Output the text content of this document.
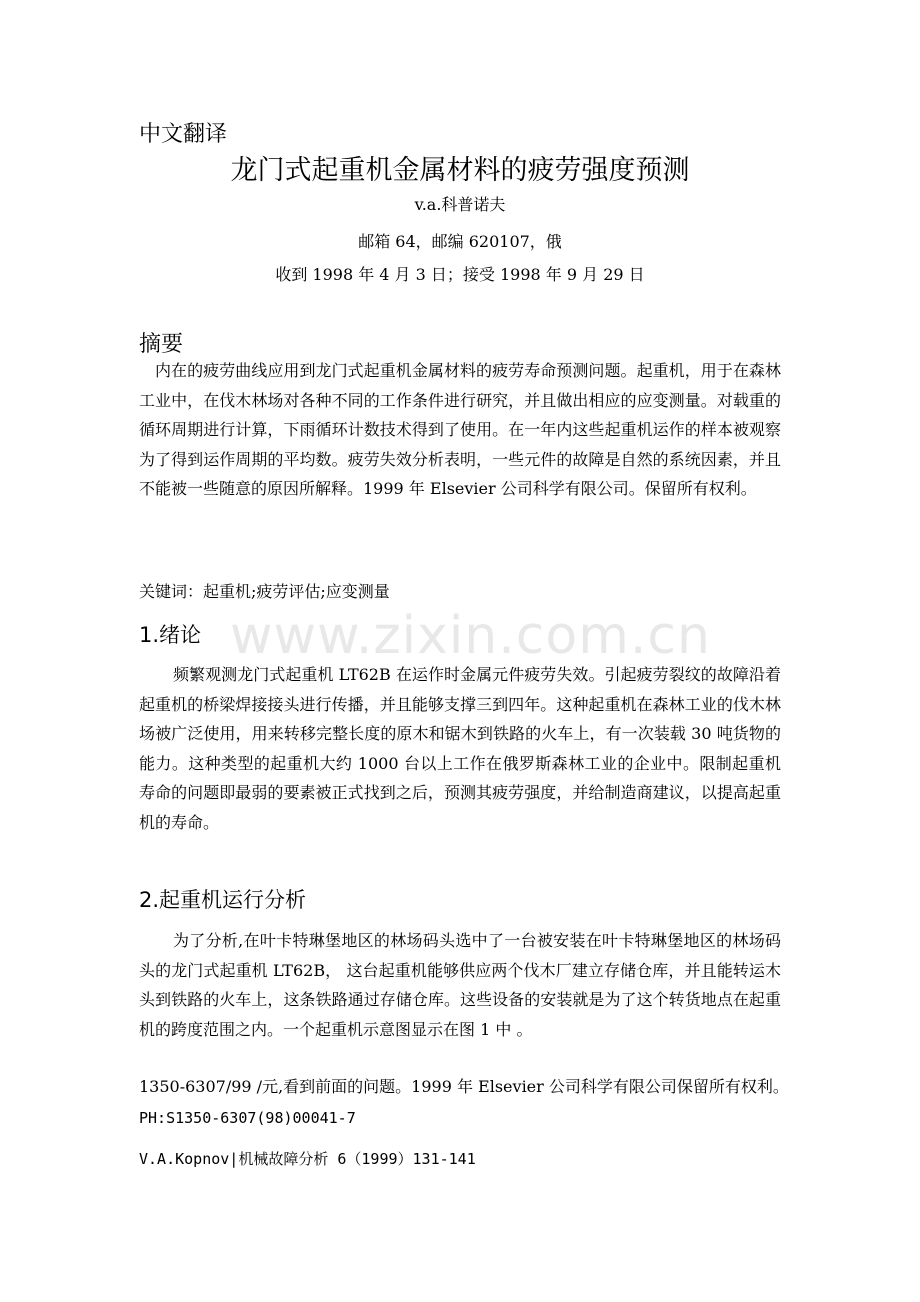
www.zixin.com.cn
中文翻译
龙门式起重机金属材料的疲劳强度预测
v.a.科普诺夫
邮箱 64，邮编 620107，俄
收到 1998 年 4 月 3 日；接受 1998 年 9 月 29 日
摘要
内在的疲劳曲线应用到龙门式起重机金属材料的疲劳寿命预测问题。起重机，用于在森林工业中，在伐木林场对各种不同的工作条件进行研究，并且做出相应的应变测量。对载重的循环周期进行计算，下雨循环计数技术得到了使用。在一年内这些起重机运作的样本被观察为了得到运作周期的平均数。疲劳失效分析表明，一些元件的故障是自然的系统因素，并且不能被一些随意的原因所解释。1999 年 Elsevier 公司科学有限公司。保留所有权利。
关键词：起重机;疲劳评估;应变测量
1.绪论
频繁观测龙门式起重机 LT62B 在运作时金属元件疲劳失效。引起疲劳裂纹的故障沿着起重机的桥梁焊接接头进行传播，并且能够支撑三到四年。这种起重机在森林工业的伐木林场被广泛使用，用来转移完整长度的原木和锯木到铁路的火车上，有一次装载 30 吨货物的能力。这种类型的起重机大约 1000 台以上工作在俄罗斯森林工业的企业中。限制起重机寿命的问题即最弱的要素被正式找到之后，预测其疲劳强度，并给制造商建议，以提高起重机的寿命。
2.起重机运行分析
为了分析,在叶卡特琳堡地区的林场码头选中了一台被安装在叶卡特琳堡地区的林场码头的龙门式起重机 LT62B， 这台起重机能够供应两个伐木厂建立存储仓库，并且能转运木头到铁路的火车上，这条铁路通过存储仓库。这些设备的安装就是为了这个转货地点在起重机的跨度范围之内。一个起重机示意图显示在图 1 中 。
1350-6307/99 /元,看到前面的问题。1999 年 Elsevier 公司科学有限公司保留所有权利。
PH:S1350-6307(98)00041-7
V.A.Kopnov|机械故障分析 6（1999）131-141
